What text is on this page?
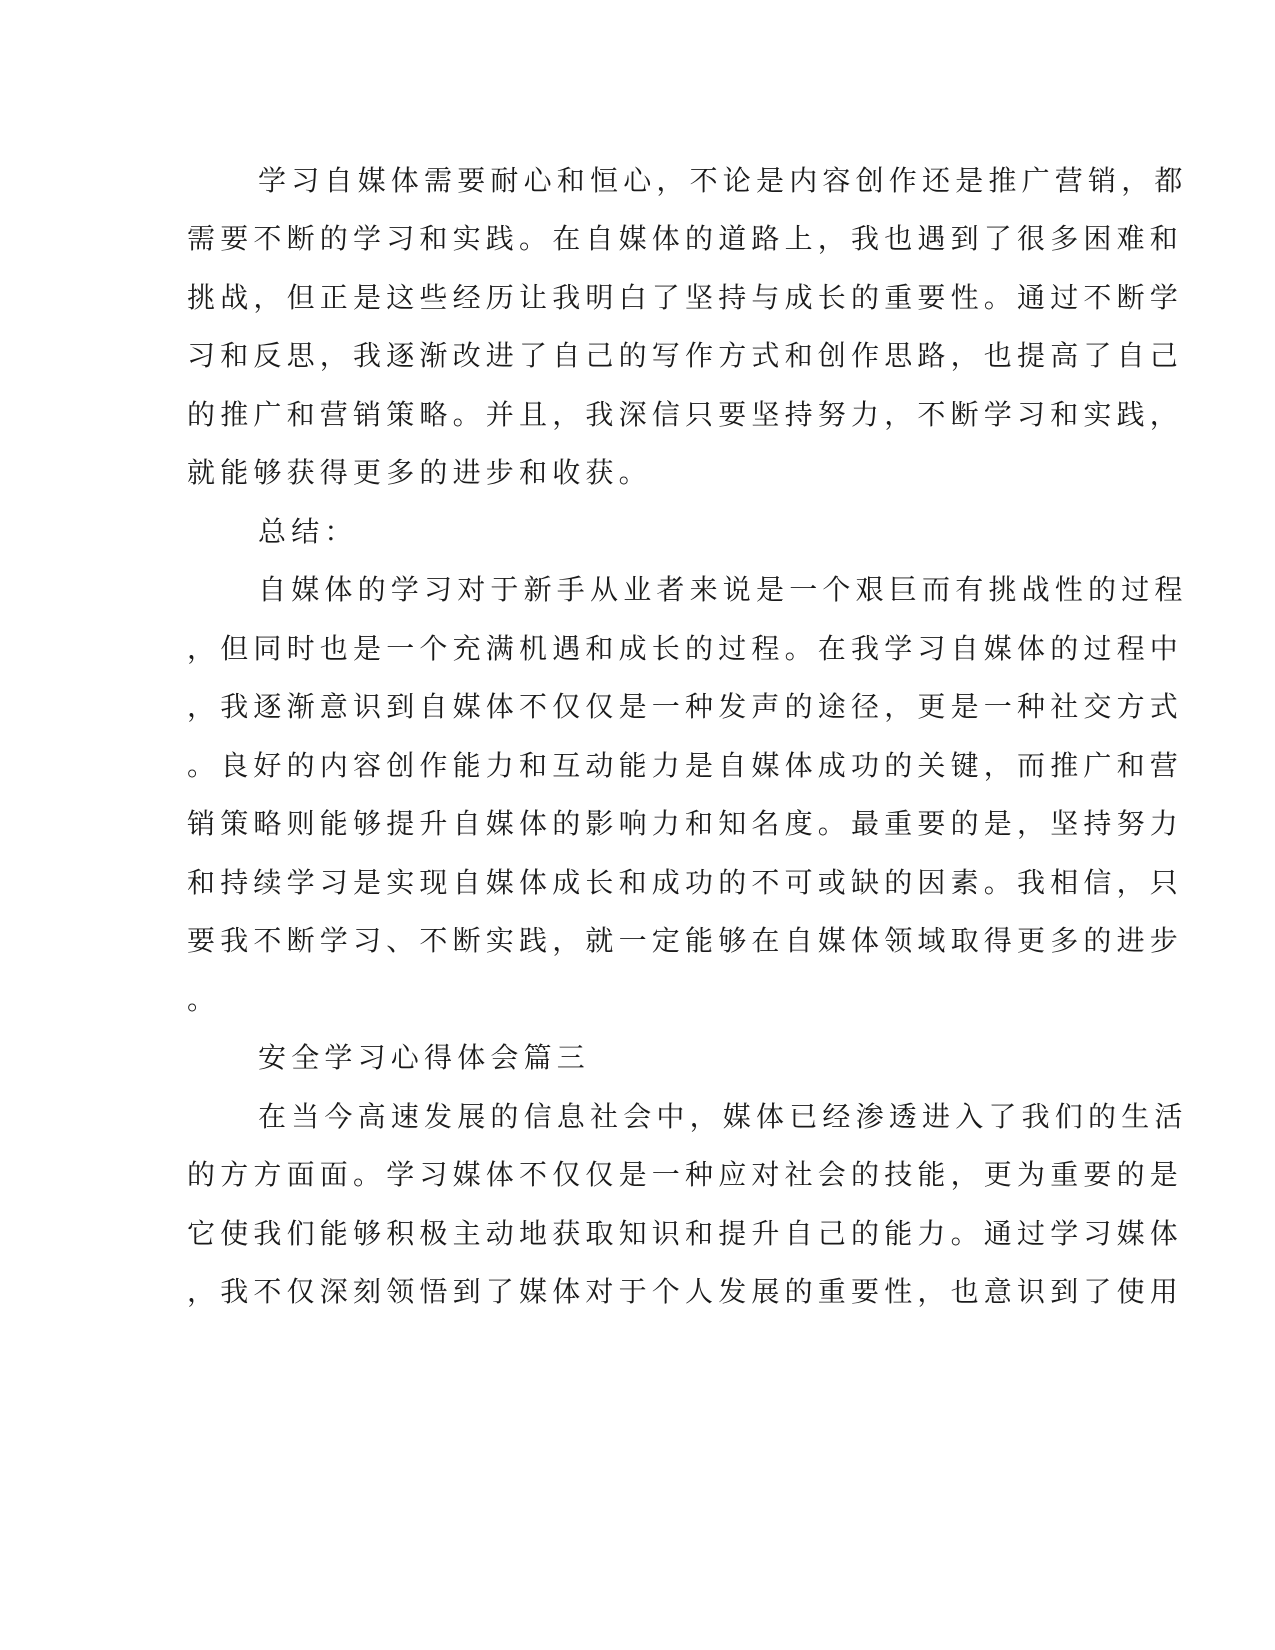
学习自媒体需要耐心和恒心，不论是内容创作还是推广营销，都
需要不断的学习和实践。在自媒体的道路上，我也遇到了很多困难和
挑战，但正是这些经历让我明白了坚持与成长的重要性。通过不断学
习和反思，我逐渐改进了自己的写作方式和创作思路，也提高了自己
的推广和营销策略。并且，我深信只要坚持努力，不断学习和实践，
就能够获得更多的进步和收获。
总结：
自媒体的学习对于新手从业者来说是一个艰巨而有挑战性的过程
，但同时也是一个充满机遇和成长的过程。在我学习自媒体的过程中
，我逐渐意识到自媒体不仅仅是一种发声的途径，更是一种社交方式
。良好的内容创作能力和互动能力是自媒体成功的关键，而推广和营
销策略则能够提升自媒体的影响力和知名度。最重要的是，坚持努力
和持续学习是实现自媒体成长和成功的不可或缺的因素。我相信，只
要我不断学习、不断实践，就一定能够在自媒体领域取得更多的进步
。
安全学习心得体会篇三
在当今高速发展的信息社会中，媒体已经渗透进入了我们的生活
的方方面面。学习媒体不仅仅是一种应对社会的技能，更为重要的是
它使我们能够积极主动地获取知识和提升自己的能力。通过学习媒体
，我不仅深刻领悟到了媒体对于个人发展的重要性，也意识到了使用
